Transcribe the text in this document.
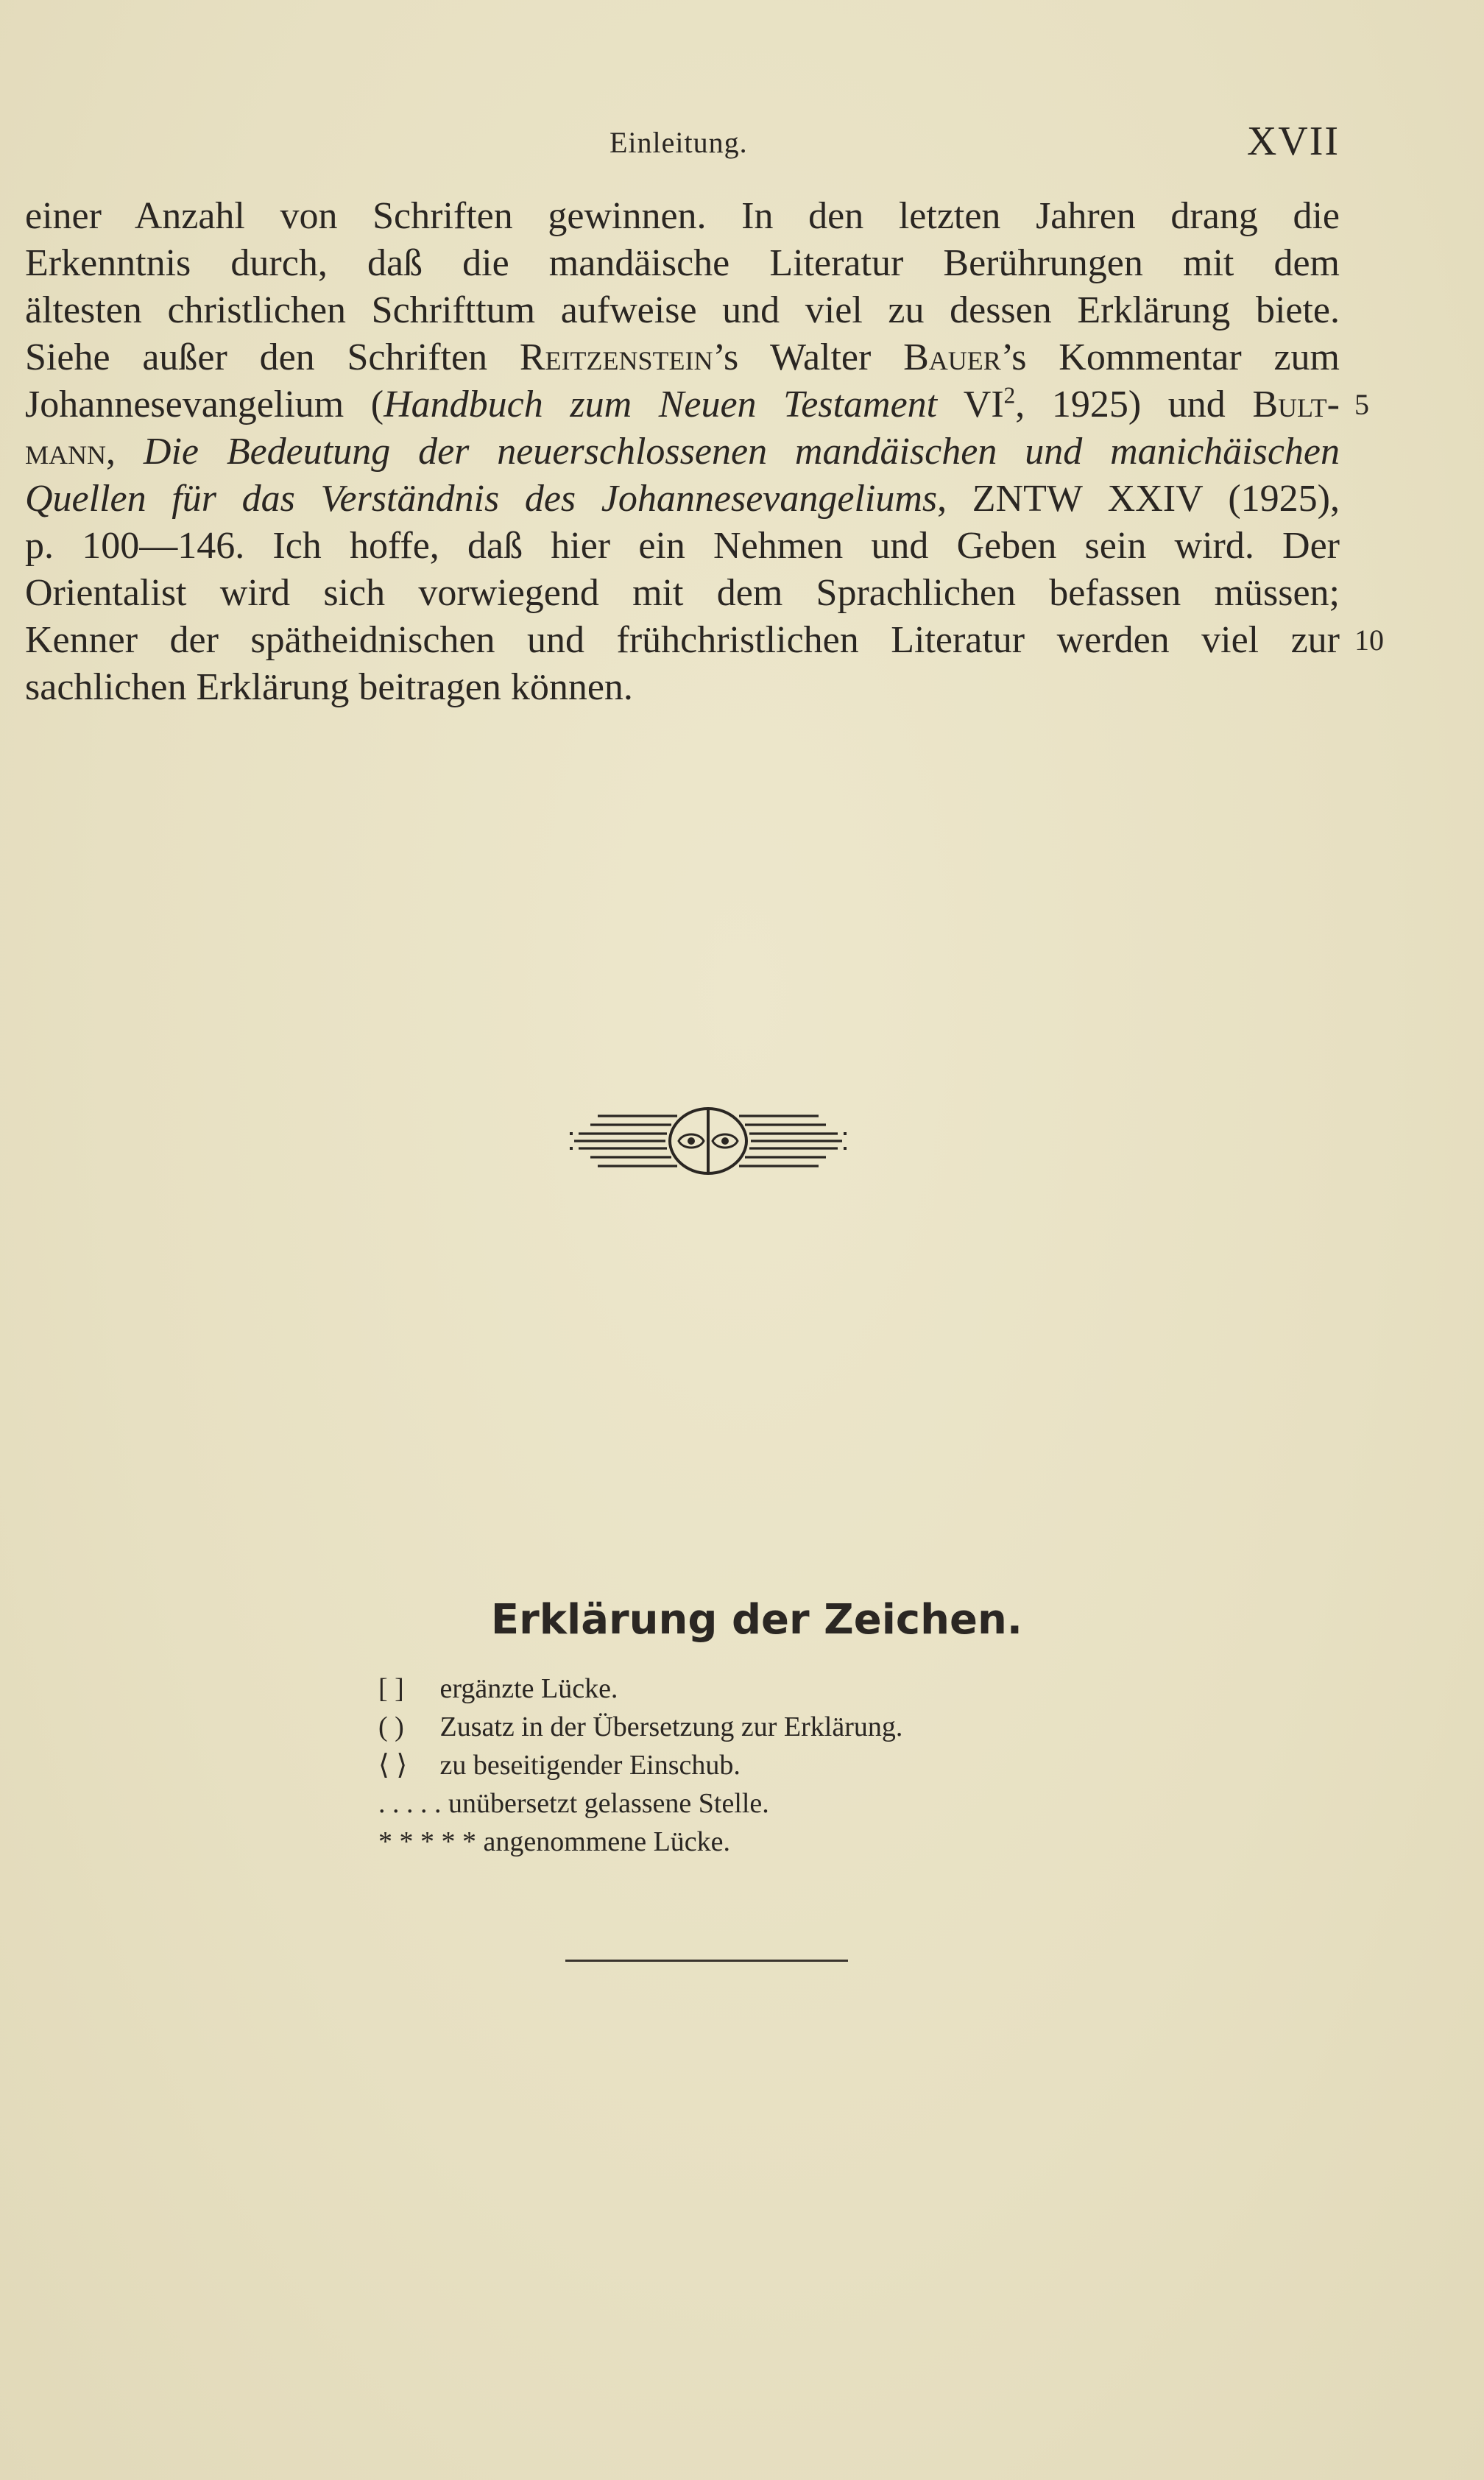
Einleitung.	XVII
einer Anzahl von Schriften gewinnen. In den letzten Jahren drang die
Erkenntnis durch, daß die mandäische Literatur Berührungen mit dem
ältesten christlichen Schrifttum aufweise und viel zu dessen Erklärung biete.
Siehe außer den Schriften Reitzenstein’s Walter Bauer’s Kommentar zum
Johannesevangelium (Handbuch zum Neuen Testament $VI^2$, 1925) und Bult- 5
mann, Die Bedeutung der neuerschlossenen mandäischen und manichäischen
Quellen für das Verständnis des Johannesevangeliums, ZNTW XXIV (1925),
p. 100—146. Ich hoffe, daß hier ein Nehmen und Geben sein wird. Der
Orientalist wird sich vorwiegend mit dem Sprachlichen befassen müssen;
Kenner der spätheidnischen und frühchristlichen Literatur werden viel zur 10
sachlichen Erklärung beitragen können.
Erklärung der Zeichen.
[ ] ergänzte Lücke.
( ) Zusatz in der Übersetzung zur Erklärung.
⟨ ⟩ zu beseitigender Einschub.
. . . . . unübersetzt gelassene Stelle.
* * * * * angenommene Lücke.
